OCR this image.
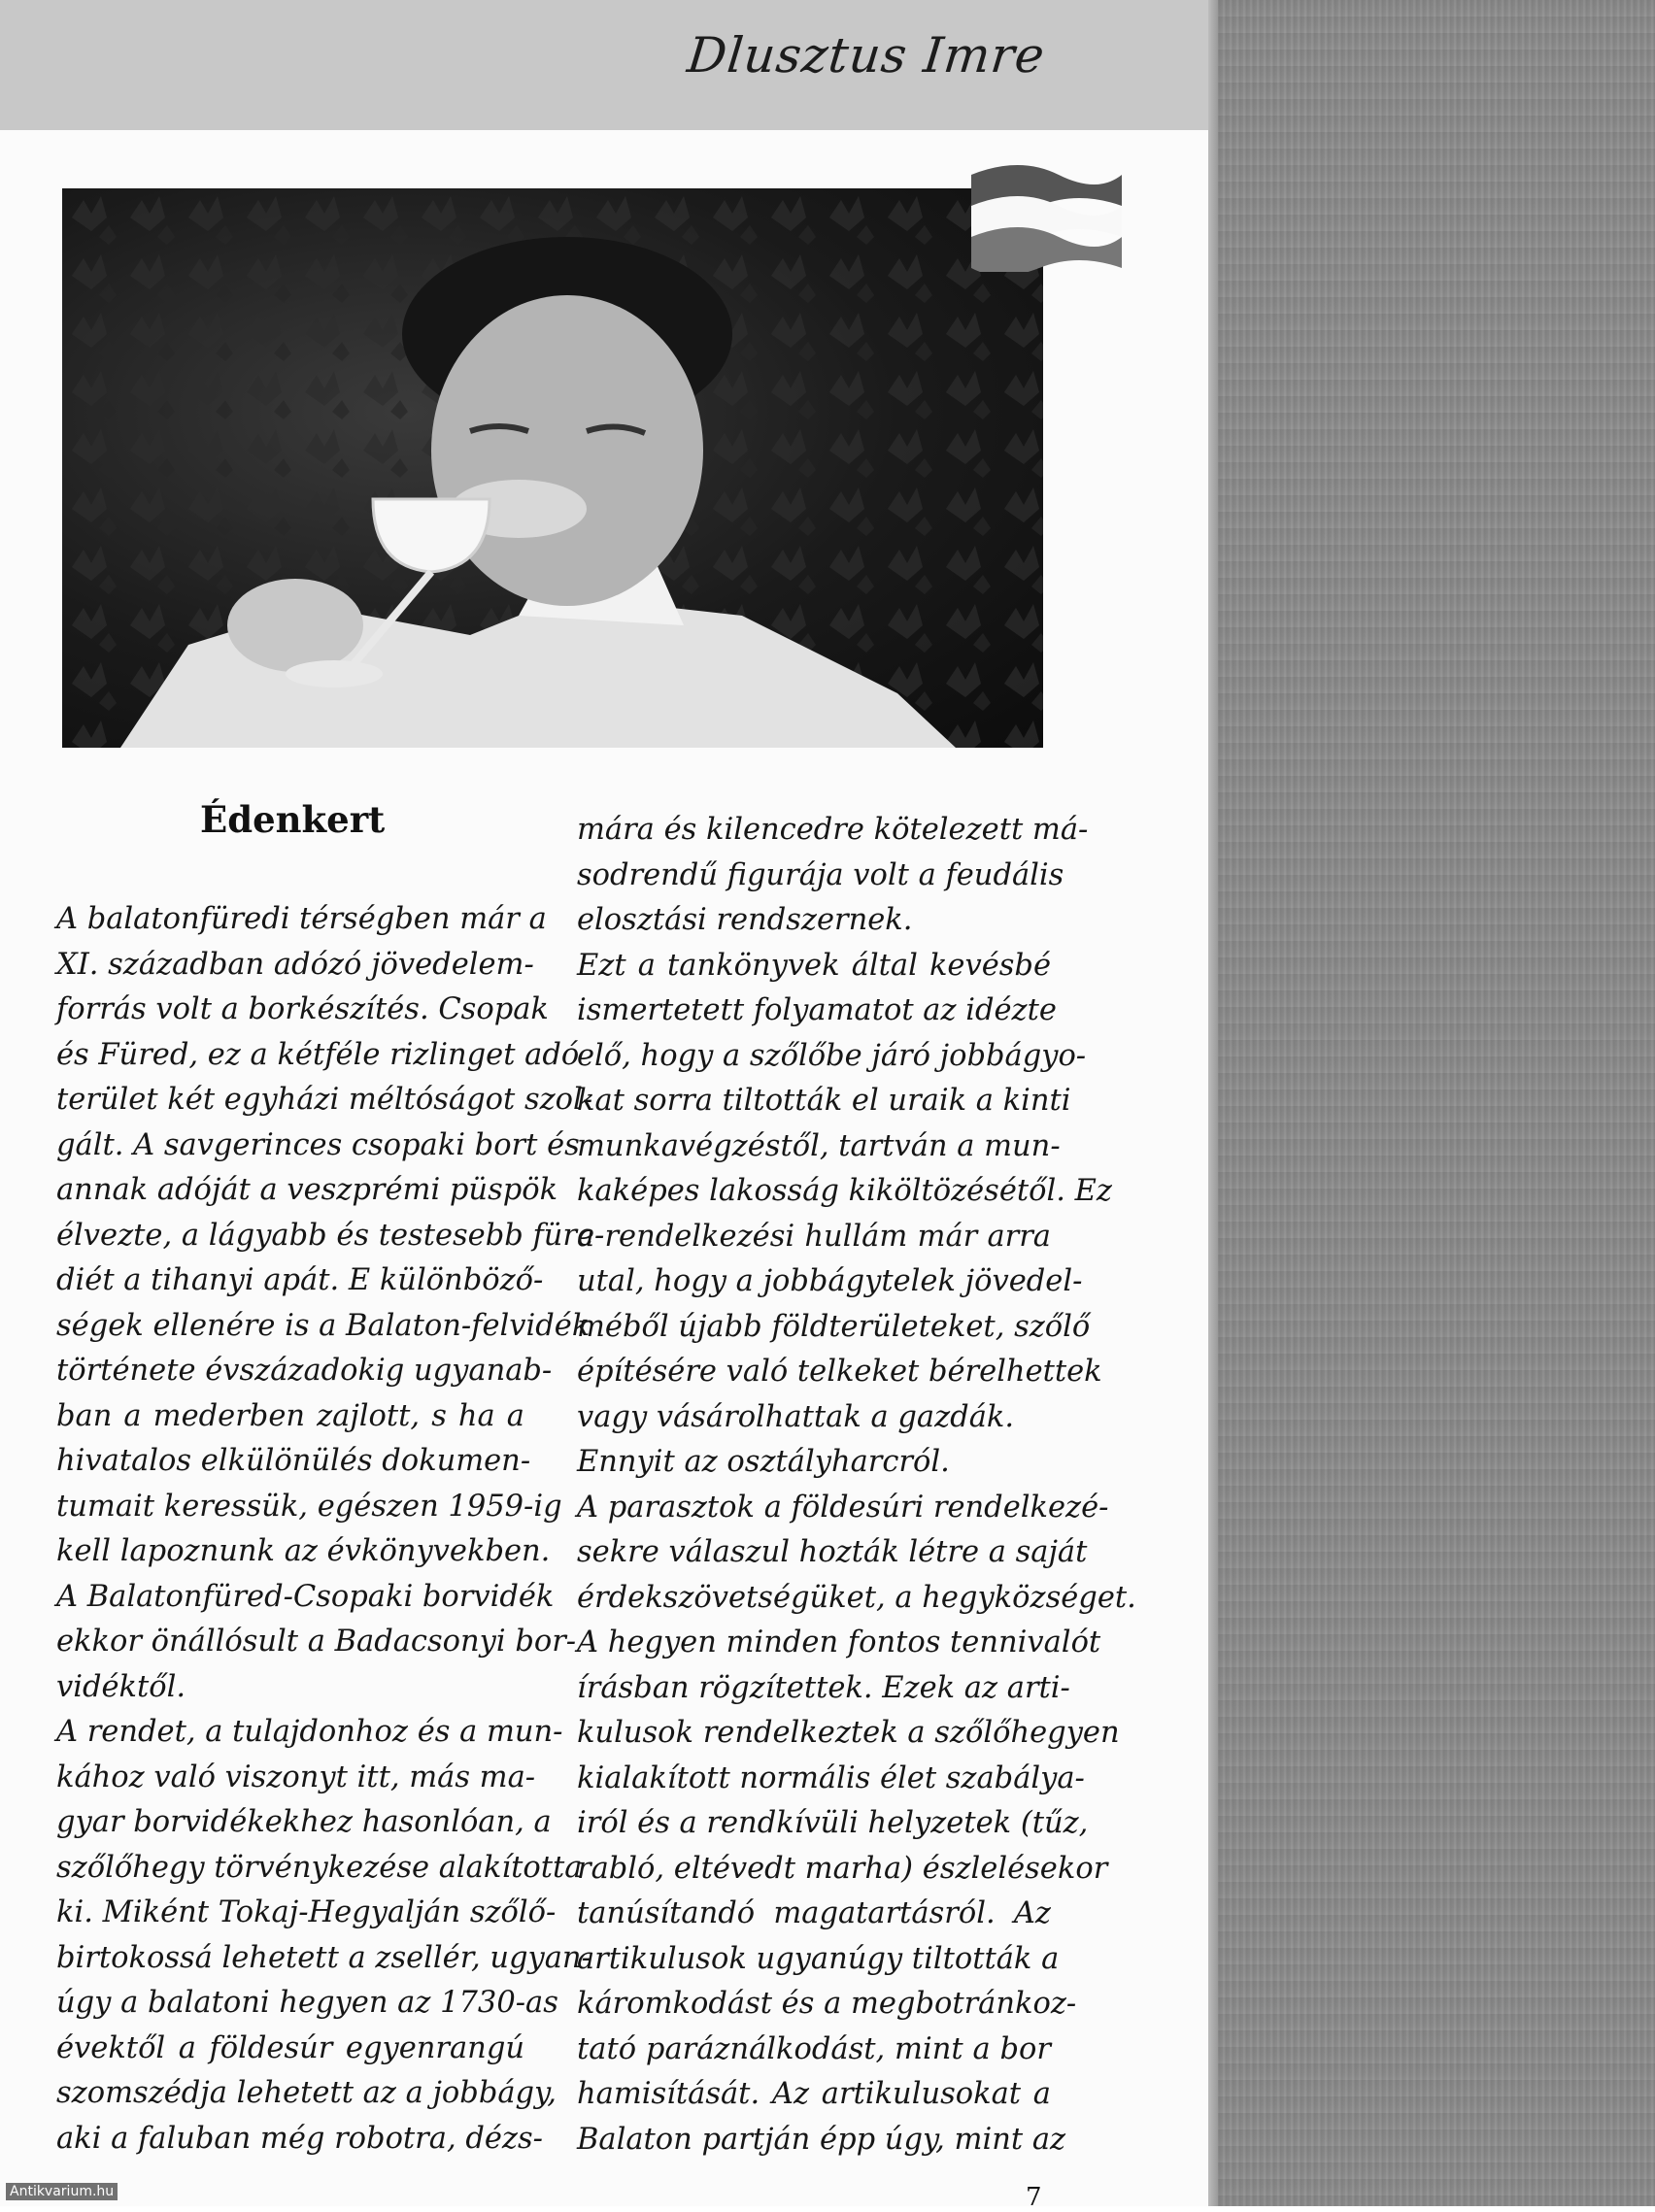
Dlusztus Imre
Édenkert
A balatonfüredi térségben már a
XI. században adózó jövedelem-
forrás volt a borkészítés. Csopak
és Füred, ez a kétféle rizlinget adó
terület két egyházi méltóságot szol-
gált. A savgerinces csopaki bort és
annak adóját a veszprémi püspök
élvezte, a lágyabb és testesebb füre-
diét a tihanyi apát. E különböző-
ségek ellenére is a Balaton-felvidék
története évszázadokig ugyanab-
ban a mederben zajlott, s ha a
hivatalos elkülönülés dokumen-
tumait keressük, egészen 1959-ig
kell lapoznunk az évkönyvekben.
A Balatonfüred-Csopaki borvidék
ekkor önállósult a Badacsonyi bor-
vidéktől.
A rendet, a tulajdonhoz és a mun-
kához való viszonyt itt, más ma-
gyar borvidékekhez hasonlóan, a
szőlőhegy törvénykezése alakította
ki. Miként Tokaj-Hegyalján szőlő-
birtokossá lehetett a zsellér, ugyan-
úgy a balatoni hegyen az 1730-as
évektől a földesúr egyenrangú
szomszédja lehetett az a jobbágy,
aki a faluban még robotra, dézs-
mára és kilencedre kötelezett má-
sodrendű figurája volt a feudális
elosztási rendszernek.
Ezt a tankönyvek által kevésbé
ismertetett folyamatot az idézte
elő, hogy a szőlőbe járó jobbágyo-
kat sorra tiltották el uraik a kinti
munkavégzéstől, tartván a mun-
kaképes lakosság kiköltözésétől. Ez
a rendelkezési hullám már arra
utal, hogy a jobbágytelek jövedel-
méből újabb földterületeket, szőlő
építésére való telkeket bérelhettek
vagy vásárolhattak a gazdák.
Ennyit az osztályharcról.
A parasztok a földesúri rendelkezé-
sekre válaszul hozták létre a saját
érdekszövetségüket, a hegyközséget.
A hegyen minden fontos tennivalót
írásban rögzítettek. Ezek az arti-
kulusok rendelkeztek a szőlőhegyen
kialakított normális élet szabálya-
iról és a rendkívüli helyzetek (tűz,
rabló, eltévedt marha) észlelésekor
tanúsítandó magatartásról. Az
artikulusok ugyanúgy tiltották a
káromkodást és a megbotránkoz-
tató paráználkodást, mint a bor
hamisítását. Az artikulusokat a
Balaton partján épp úgy, mint az
7
Antikvarium.hu
